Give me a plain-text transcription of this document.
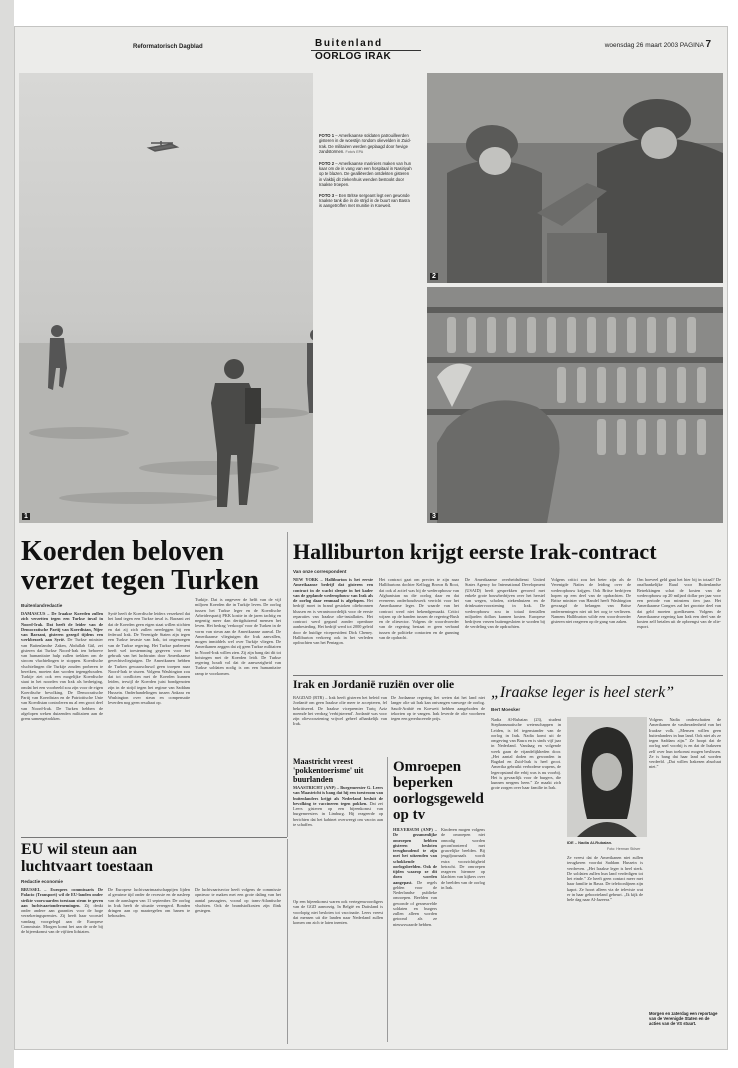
Reformatorisch Dagblad	Buitenland
OORLOG IRAK
woensdag 26 maart 2003 PAGINA 7
1

FOTO 1 – Amerikaanse soldaten patrouilleerden gisteren in de woestijn rondom olievelden in Zuid-Irak. De militairen werden geplaagd door hevige zandstormen. Foto's EPA

FOTO 2 – Amerikaanse mariniers maken van hun kaar om de in vang van een hospitaal in Nasiriyah op te blazen. De gealliëerden ontdekten gisteren in vlakbij dit ziekenhuis wenden bestookt door Iraakse troepen.

FOTO 3 – Een Britse sergeant legt een gewonde Iraakse tank die in de strijd in de buurt van Basra is aangetroffen met munitie in Koeweit.

2
3
Koerden beloven verzet tegen Turken
Buitenlandredactie
DAMASCUS – De Iraakse Koerden zullen zich verzetten tegen een Turkse inval in Noord-Irak. Dat heeft de leider van de Democratische Partij van Koerdistan, Nijer van Barzani, gisteren gezegd tijdens een werkbezoek aan Syrië. De Turkse minister van Buitenlandse Zaken, Abdullah Gül, zei gisteren dat Turkse Noord-Irak ten behoeve van humanitaire hulp zullen trekken om de stroom vluchtelingen te stoppen. Koerdische vluchtelingen die Turkije zouden proberen te bereiken, moeten dan worden tegengehouden. Turkije ziet ook een mogelijke Koerdische staat in het noorden van Irak als bedreiging, omdat het een voorbeeld zou zijn voor de eigen Koerdische bevolking. De Democratische Partij van Koerdistan en de Patriottische Unie van Koerdistan controleren nu al een groot deel van Noord-Irak. De Turken hebben de afgelopen weken duizenden militairen aan de grens samengetrokken.
Syrië heeft de Koerdische leiders verzekerd dat het land tegen een Turkse inval is. Barzani zei dat de Koerden geen eigen staat willen stichten en dat zij zich zullen neerleggen bij een federaal Irak. De Verenigde Staten zijn tegen een Turkse invasie van Irak, tot ongenoegen van de Turkse regering. Het Turkse parlement heeft wel toestemming gegeven voor het gebruik van het luchtruim door Amerikaanse gevechtsvliegtuigen. De Amerikanen hebben de Turken gewaarschuwd geen troepen naar Noord-Irak te sturen. Volgens Washington zou dat tot conflicten met de Koerden kunnen leiden, terwijl de Koerden juist bondgenoten zijn in de strijd tegen het regime van Saddam Hussein. Onderhandelingen tussen Ankara en Washington over steun en compensatie leverden nog geen resultaat op.
Turkije. Dat is ongeveer de helft van de vijf miljoen Koerden die in Turkije leven. De oorlog tussen het Turkse leger en de Koerdische Arbeiderspartij PKK kostte in de jaren tachtig en negentig meer dan dertigduizend mensen het leven. Het bedrag 'verkoopt' voor de Turken in de vorm van steun aan de Amerikaanse aanval. De Amerikaanse vliegtuigen die Irak aanvallen, mogen inmiddels wel over Turkije vliegen. De Amerikanen zeggen dat zij geen Turkse militairen in Noord-Irak willen zien. Zij zijn bang dat dit tot botsingen met de Koerden leidt. De Turkse regering houdt vol dat de aanwezigheid van Turkse soldaten nodig is om een humanitaire ramp te voorkomen.
Halliburton krijgt eerste Irak-contract
Van onze correspondent
NEW YORK – Halliburton is het eerste Amerikaanse bedrijf dat gisteren een contract in de wacht sleepte in het kader van de geplande wederopbouw van Irak als de oorlog daar eenmaal is afgelopen. Het bedrijf moet in brand gestoken oliebronnen blussen en is verantwoordelijk voor de eerste reparaties van Iraakse olie-installaties. Het contract werd gegund zonder openbare aanbesteding. Het bedrijf werd tot 2000 geleid door de huidige vicepresident Dick Cheney. Halliburton verkreeg ook in het verleden opdrachten van het Pentagon.
Het contract gaat om precies te zijn naar Halliburtons dochter Kellogg Brown & Root, dat ook al actief was bij de wederopbouw van Afghanistan na die oorlog daar en dat eveneens onderhoudswerk verricht voor het Amerikaanse leger. De waarde van het contract werd niet bekendgemaakt. Critici wijzen op de banden tussen de regering-Bush en de oliesector. Volgens de woordvoerder van de regering bestaat er geen verband tussen de politieke contacten en de gunning van de opdracht.
De Amerikaanse overheidsdienst United States Agency for International Development (USAID) heeft gesprekken gevoerd met enkele grote bouwbedrijven over het herstel van wegen, scholen, ziekenhuizen en de drinkwatervoorziening in Irak. De wederopbouw zou in totaal tientallen miljarden dollars kunnen kosten. Europese bedrijven vrezen buitengesloten te worden bij de verdeling van de opdrachten.
Volgens critici zou het beter zijn als de Verenigde Naties de leiding over de wederopbouw krijgen. Ook Britse bedrijven hopen op een deel van de opdrachten. De Britse minister van Handel heeft Washington gevraagd de belangen van Britse ondernemingen niet uit het oog te verliezen. Namens Halliburton wilde een woordvoerder gisteren niet reageren op de gang van zaken.
Om hoeveel geld gaat het hier bij in totaal? De onafhankelijke Raad voor Buitenlandse Betrekkingen schat de kosten van de wederopbouw op 20 miljard dollar per jaar voor een periode van minstens tien jaar. Het Amerikaanse Congres zal het grootste deel van dat geld moeten goedkeuren. Volgens de Amerikaanse regering kan Irak een deel van de kosten zelf betalen uit de opbrengst van de olie-export.
Irak en Jordanië ruziën over olie
BAGDAD (RTR) – Irak heeft gisteren het beleid van Jordanië om geen Iraakse olie meer te accepteren, fel bekritiseerd. De Iraakse vicepremier Tariq Aziz noemde het verdrag 'verbijsterend'. Jordanië was voor zijn olievoorziening vrijwel geheel afhankelijk van Irak.
De Jordaanse regering liet weten dat het land niet langer olie uit Irak kan ontvangen vanwege de oorlog. Saudi-Arabië en Koeweit hebben aangeboden de tekorten op te vangen. Irak leverde de olie voorheen tegen een gereduceerde prijs.
„Iraakse leger is heel sterk”
Bert Moesker
Nadia Al-Rubaian (23), student Stephansmatische wetenschappen in Leiden, is fel tegenstander van de oorlog in Irak. Nadia komt uit de omgeving van Basra en is sinds vijf jaar in Nederland. Vandaag en volgende week gaan de vijandelijkheden door. „Het aantal doden en gewonden in Bagdad en Zuid-Irak is heel groot. Amerika gebruikt verbodene wapens, de legeropstand die erbij was is nu voorbij. Het is gevaarlijk voor de burgers, die kunnen nergens heen.” Ze maakt zich grote zorgen over haar familie in Irak.
IDE – Nadia Al-Rubaian.
Foto: Herman Stöver
Ze vreest dat de Amerikanen niet zullen terugkeren voordat Saddam Hussein is verdreven. „Het Iraakse leger is heel sterk. De soldaten zullen hun land verdedigen tot het einde.” Ze heeft geen contact meer met haar familie in Basra. De telefoonlijnen zijn kapot. Ze hoort alleen via de televisie wat er in haar geboorteland gebeurt. „Ik kijk de hele dag naar Al-Jazeera.”
Volgens Nadia onderschatten de Amerikanen de vastberadenheid van het Iraakse volk. „Mensen willen geen buitenlanders in hun land. Ook niet als ze tegen Saddam zijn.” Ze hoopt dat de oorlog snel voorbij is en dat de Irakezen zelf over hun toekomst mogen beslissen. Ze is bang dat haar land zal worden verdeeld. „Dat willen Irakezen absoluut niet.”
Morgen en zaterdag een reportage van de Verenigde Staten en de acties van de VS stuurt.
EU wil steun aan luchtvaart toestaan
Redactie economie
BRUSSEL – Europees commissaris De Palacio (Transport) wil de EU-landen onder strikte voorwaarden toestaan steun te geven aan luchtvaartondernemingen. Zij denkt onder andere aan garanties voor de hoge verzekeringspremies. Zij heeft haar voorstel vandaag voorgelegd aan de Europese Commissie. Morgen komt het aan de orde bij de bijeenkomst van de vijftien lidstaten.
De Europese luchtvaartmaatschappijen lijden al geruime tijd onder de recessie en de nasleep van de aanslagen van 11 september. De oorlog in Irak heeft de situatie verergerd. Bonden dringen aan op maatregelen om banen te behouden.
De luchtvaartsector heeft volgens de commissie opnieuw te maken met een grote daling van het aantal passagiers, vooral op trans-Atlantische vluchten. Ook de brandstofkosten zijn flink gestegen.
Maastricht vreest 'pokkentoerisme' uit buurlanden
MAASTRICHT (ANP) – Burgemeester G. Leers van Maastricht is bang dat hij een toestroom van buitenlanders krijgt als Nederland besluit de bevolking te vaccineren tegen pokken. Dat zei Leers gisteren op een bijeenkomst van burgemeesters in Limburg. Hij reageerde op berichten dat het kabinet overweegt om vaccin aan te schaffen.
Op een bijeenkomst waren ook vertegenwoordigers van de GGD aanwezig. In België en Duitsland is voorlopig niet besloten tot vaccinatie. Leers vreest dat mensen uit die landen naar Nederland zullen komen om zich te laten inenten.
Omroepen beperken oorlogsgeweld op tv
HILVERSUM (ANP) – De gezamenlijke omroepen hebben gisteren besloten terughoudend te zijn met het uitzenden van schokkende oorlogsbeelden. Ook de tijden waarop ze dit doen worden aangepast. De regels gelden voor de Nederlandse publieke omroepen. Beelden van gewonde of gesneuvelde soldaten en burgers zullen alleen worden getoond als ze nieuwswaarde hebben.
Kinderen mogen volgens de omroepen niet onnodig worden geconfronteerd met gruwelijke beelden. Bij jeugdjournaals wordt extra voorzichtigheid betracht. De omroepen reageren hiermee op klachten van kijkers over de beelden van de oorlog in Irak.
